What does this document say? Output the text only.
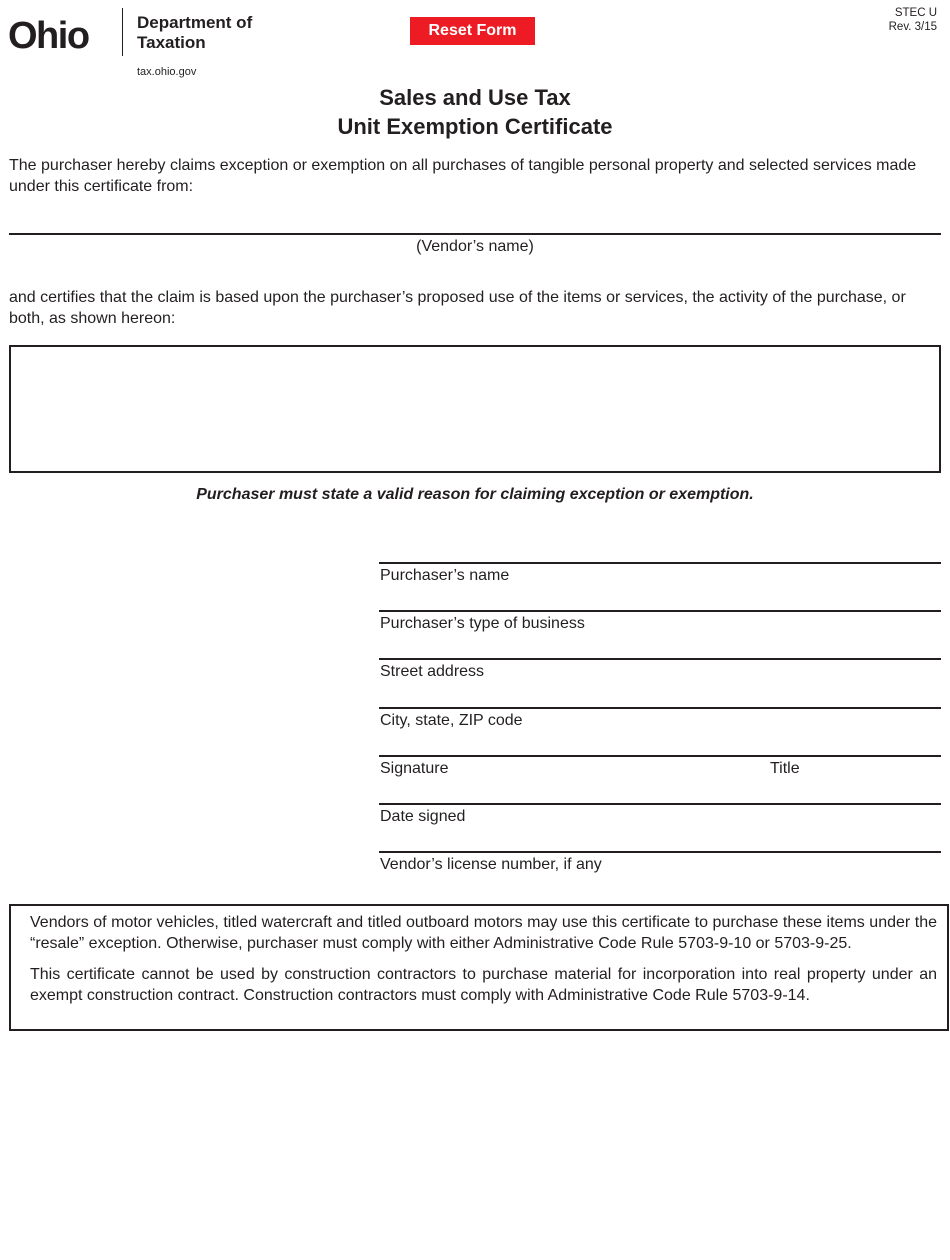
Ohio	Department of
Taxation
tax.ohio.gov
Reset Form
STEC U
Rev. 3/15
Sales and Use Tax
Unit Exemption Certificate
The purchaser hereby claims exception or exemption on all purchases of tangible personal property and selected services made under this certificate from:
(Vendor’s name)
and certifies that the claim is based upon the purchaser’s proposed use of the items or services, the activity of the purchase, or both, as shown hereon:
Purchaser must state a valid reason for claiming exception or exemption.
Purchaser’s name
Purchaser’s type of business
Street address
City, state, ZIP code
Signature	Title
Date signed
Vendor’s license number, if any

Vendors of motor vehicles, titled watercraft and titled outboard motors may use this certificate to purchase these items under the “resale” exception. Otherwise, purchaser must comply with either Administrative Code Rule 5703-9-10 or 5703-9-25.

This certificate cannot be used by construction contractors to purchase material for incorporation into real property under an exempt construction contract. Construction contractors must comply with Administrative Code Rule 5703-9-14.
